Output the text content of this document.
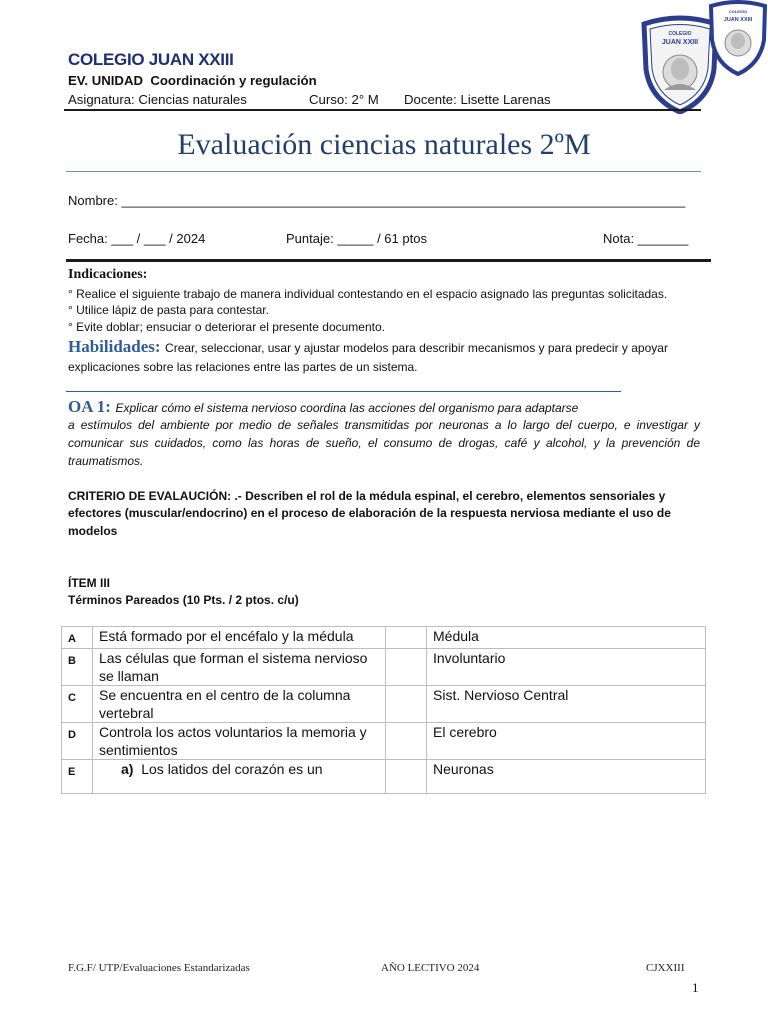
COLEGIO JUAN XXIII
EV. UNIDAD Coordinación y regulación
Asignatura: Ciencias naturales	Curso: 2° M Docente: Lisette Larenas
COLEGIO
JUAN XXIII
COLEGIO
JUAN XXIII
Evaluación ciencias naturales 2ºM
Nombre: ______________________________________________________________________________
Fecha: ___ / ___ / 2024	Puntaje: _____ / 61 ptos	Nota: _______
Indicaciones:
° Realice el siguiente trabajo de manera individual contestando en el espacio asignado las preguntas solicitadas.
° Utilice lápiz de pasta para contestar.
° Evite doblar; ensuciar o deteriorar el presente documento.
Habilidades: Crear, seleccionar, usar y ajustar modelos para describir mecanismos y para predecir y apoyar
explicaciones sobre las relaciones entre las partes de un sistema.
OA 1: Explicar cómo el sistema nervioso coordina las acciones del organismo para adaptarse
a estímulos del ambiente por medio de señales transmitidas por neuronas a lo largo del cuerpo, e investigar y
comunicar sus cuidados, como las horas de sueño, el consumo de drogas, café y alcohol, y la prevención de
traumatismos.
CRITERIO DE EVALAUCIÓN: .- Describen el rol de la médula espinal, el cerebro, elementos sensoriales y
efectores (muscular/endocrino) en el proceso de elaboración de la respuesta nerviosa mediante el uso de
modelos
ÍTEM III
Términos Pareados (10 Pts. / 2 ptos. c/u)
A	Está formado por el encéfalo y la médula		Médula
B	Las células que forman el sistema nervioso se llaman		Involuntario
C	Se encuentra en el centro de la columna vertebral		Sist. Nervioso Central
D	Controla los actos voluntarios la memoria y sentimientos		El cerebro
E	a) Los latidos del corazón es un		Neuronas
F.G.F/ UTP/Evaluaciones Estandarizadas	AÑO LECTIVO 2024	CJXXIII
1
